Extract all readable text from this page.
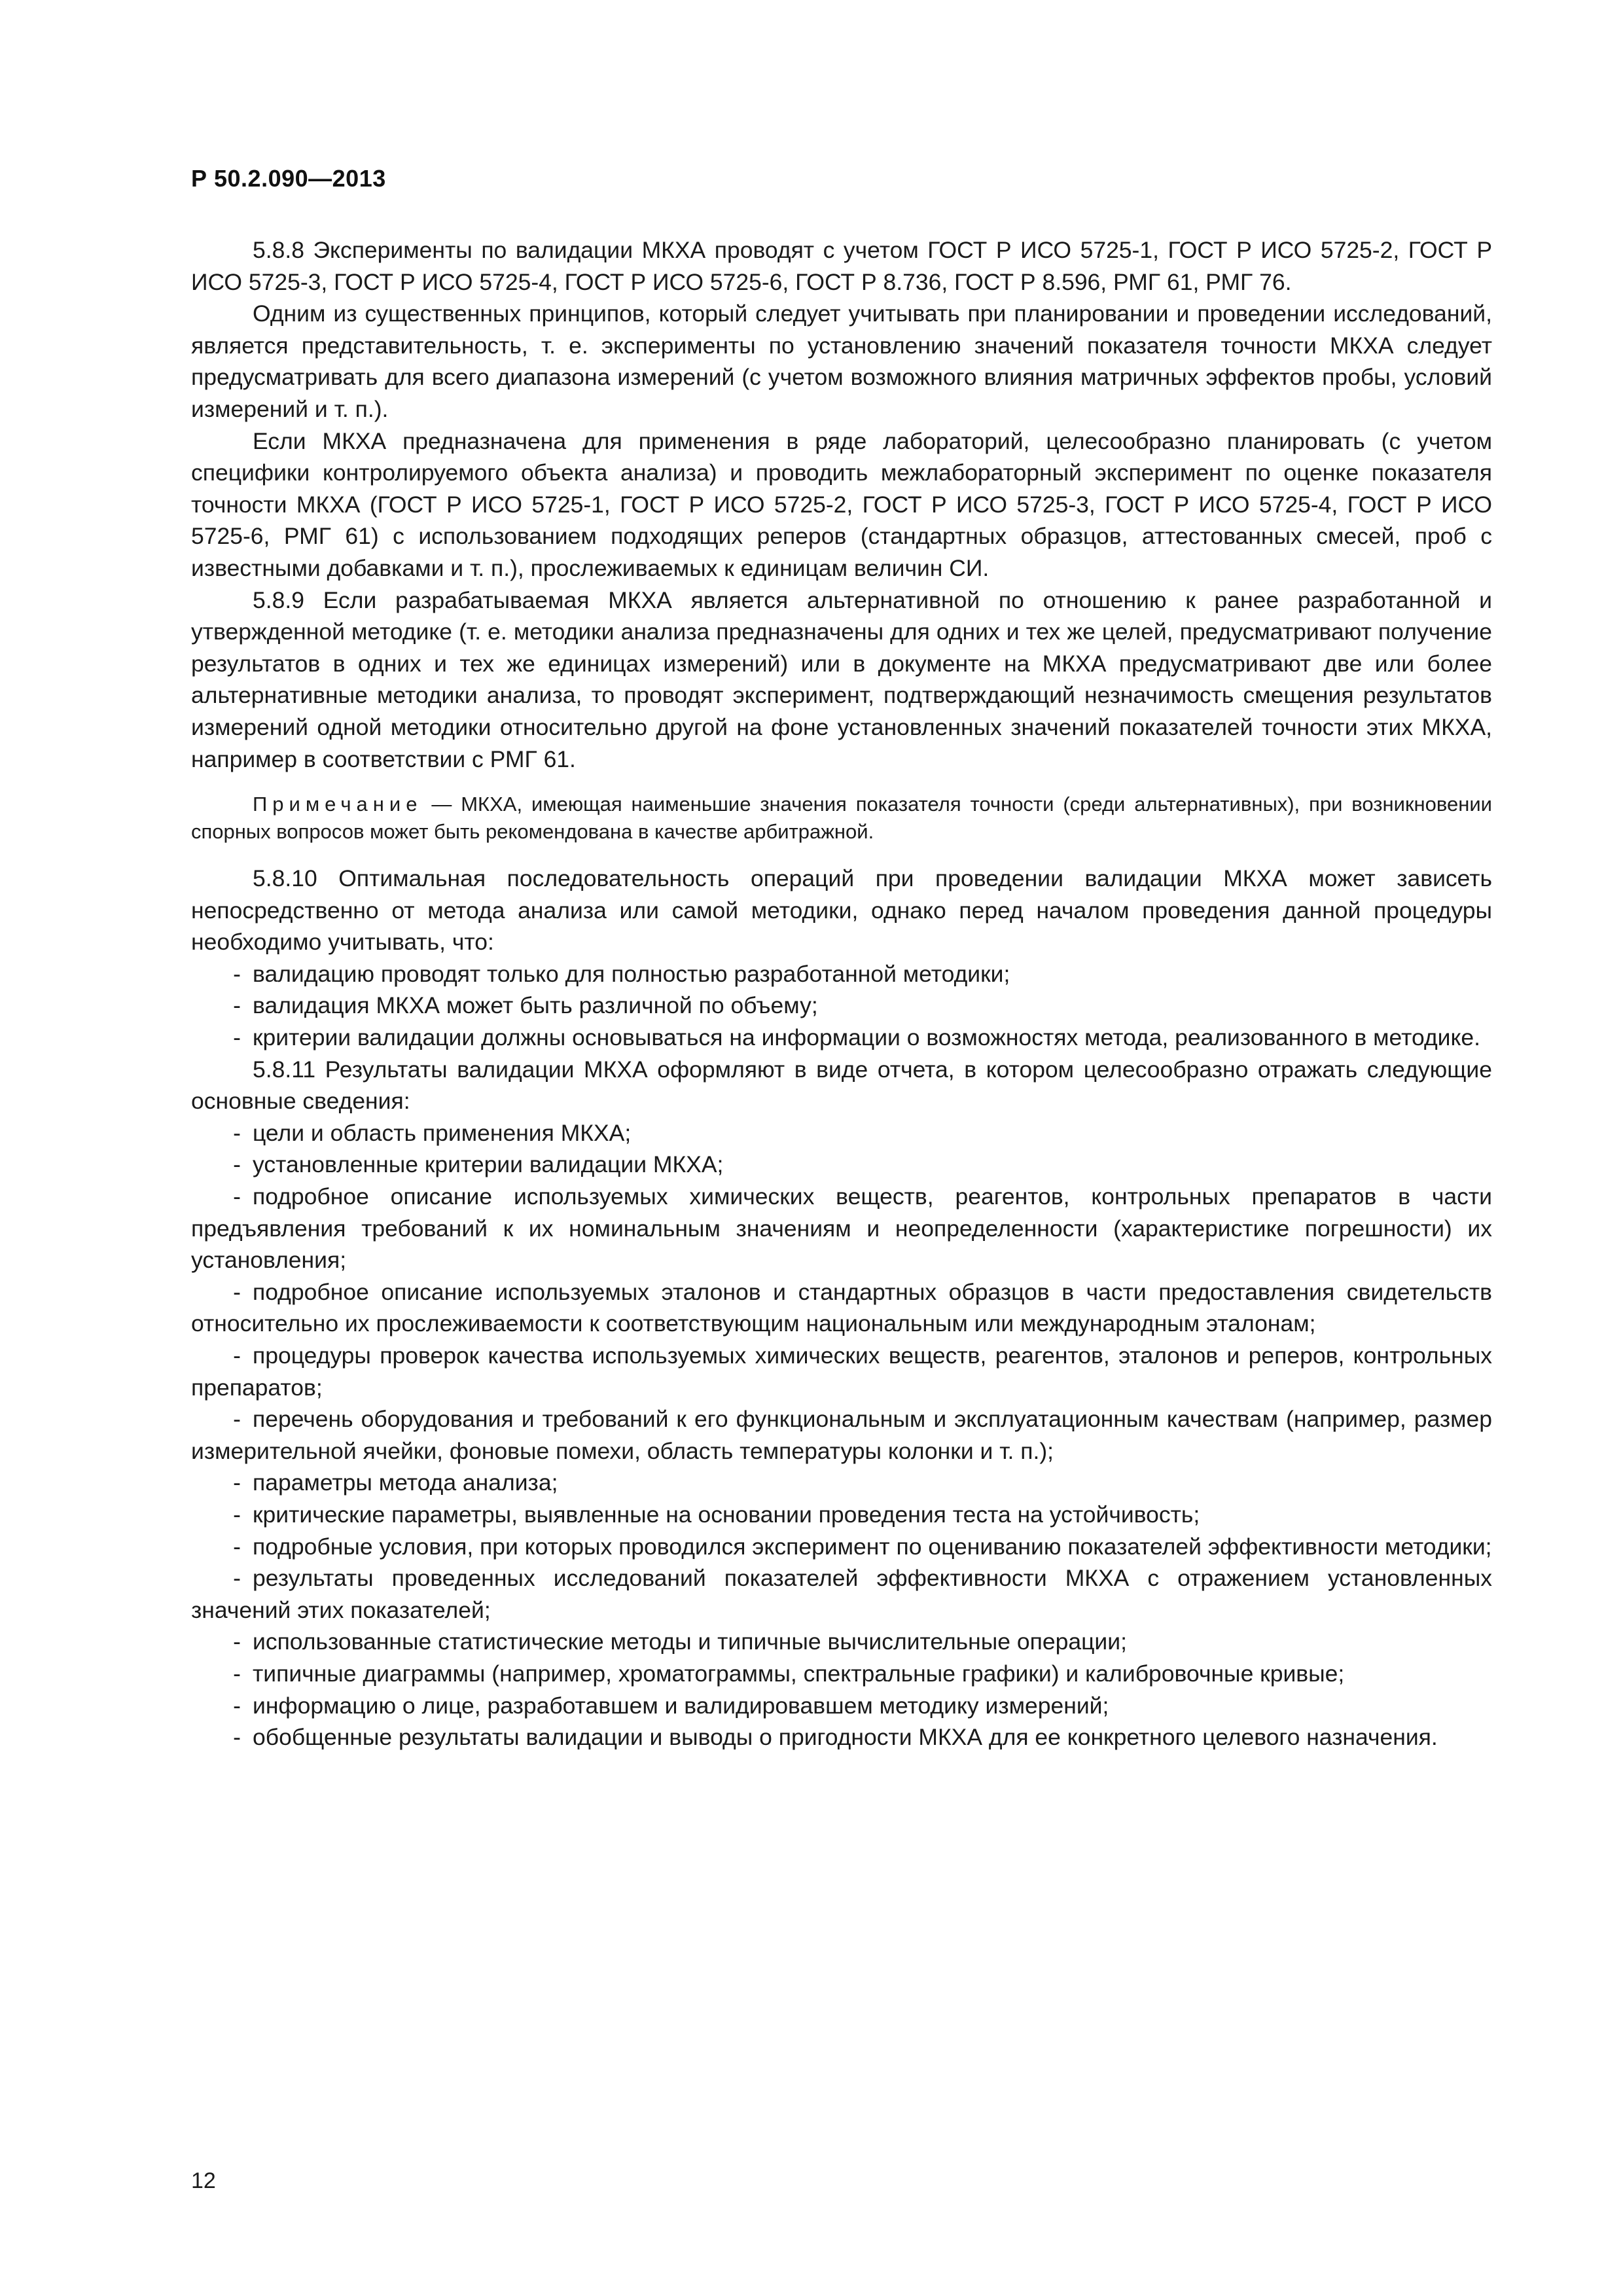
Р 50.2.090—2013

5.8.8 Эксперименты по валидации МКХА проводят с учетом ГОСТ Р ИСО 5725-1, ГОСТ Р ИСО 5725-2, ГОСТ Р ИСО 5725-3, ГОСТ Р ИСО 5725-4, ГОСТ Р ИСО 5725-6, ГОСТ Р 8.736, ГОСТ Р 8.596, РМГ 61, РМГ 76.

Одним из существенных принципов, который следует учитывать при планировании и проведении исследований, является представительность, т. е. эксперименты по установлению значений показателя точности МКХА следует предусматривать для всего диапазона измерений (с учетом возможного влияния матричных эффектов пробы, условий измерений и т. п.).

Если МКХА предназначена для применения в ряде лабораторий, целесообразно планировать (с учетом специфики контролируемого объекта анализа) и проводить межлабораторный эксперимент по оценке показателя точности МКХА (ГОСТ Р ИСО 5725-1, ГОСТ Р ИСО 5725-2, ГОСТ Р ИСО 5725-3, ГОСТ Р ИСО 5725-4, ГОСТ Р ИСО 5725-6, РМГ 61) с использованием подходящих реперов (стандартных образцов, аттестованных смесей, проб с известными добавками и т. п.), прослеживаемых к единицам величин СИ.

5.8.9 Если разрабатываемая МКХА является альтернативной по отношению к ранее разработанной и утвержденной методике (т. е. методики анализа предназначены для одних и тех же целей, предусматривают получение результатов в одних и тех же единицах измерений) или в документе на МКХА предусматривают две или более альтернативные методики анализа, то проводят эксперимент, подтверждающий незначимость смещения результатов измерений одной методики относительно другой на фоне установленных значений показателей точности этих МКХА, например в соответствии с РМГ 61.

Примечание — МКХА, имеющая наименьшие значения показателя точности (среди альтернативных), при возникновении спорных вопросов может быть рекомендована в качестве арбитражной.

5.8.10 Оптимальная последовательность операций при проведении валидации МКХА может зависеть непосредственно от метода анализа или самой методики, однако перед началом проведения данной процедуры необходимо учитывать, что:

- валидацию проводят только для полностью разработанной методики;

- валидация МКХА может быть различной по объему;

- критерии валидации должны основываться на информации о возможностях метода, реализованного в методике.

5.8.11 Результаты валидации МКХА оформляют в виде отчета, в котором целесообразно отражать следующие основные сведения:

- цели и область применения МКХА;

- установленные критерии валидации МКХА;

- подробное описание используемых химических веществ, реагентов, контрольных препаратов в части предъявления требований к их номинальным значениям и неопределенности (характеристике погрешности) их установления;

- подробное описание используемых эталонов и стандартных образцов в части предоставления свидетельств относительно их прослеживаемости к соответствующим национальным или международным эталонам;

- процедуры проверок качества используемых химических веществ, реагентов, эталонов и реперов, контрольных препаратов;

- перечень оборудования и требований к его функциональным и эксплуатационным качествам (например, размер измерительной ячейки, фоновые помехи, область температуры колонки и т. п.);

- параметры метода анализа;

- критические параметры, выявленные на основании проведения теста на устойчивость;

- подробные условия, при которых проводился эксперимент по оцениванию показателей эффективности методики;

- результаты проведенных исследований показателей эффективности МКХА с отражением установленных значений этих показателей;

- использованные статистические методы и типичные вычислительные операции;

- типичные диаграммы (например, хроматограммы, спектральные графики) и калибровочные кривые;

- информацию о лице, разработавшем и валидировавшем методику измерений;

- обобщенные результаты валидации и выводы о пригодности МКХА для ее конкретного целевого назначения.

12
